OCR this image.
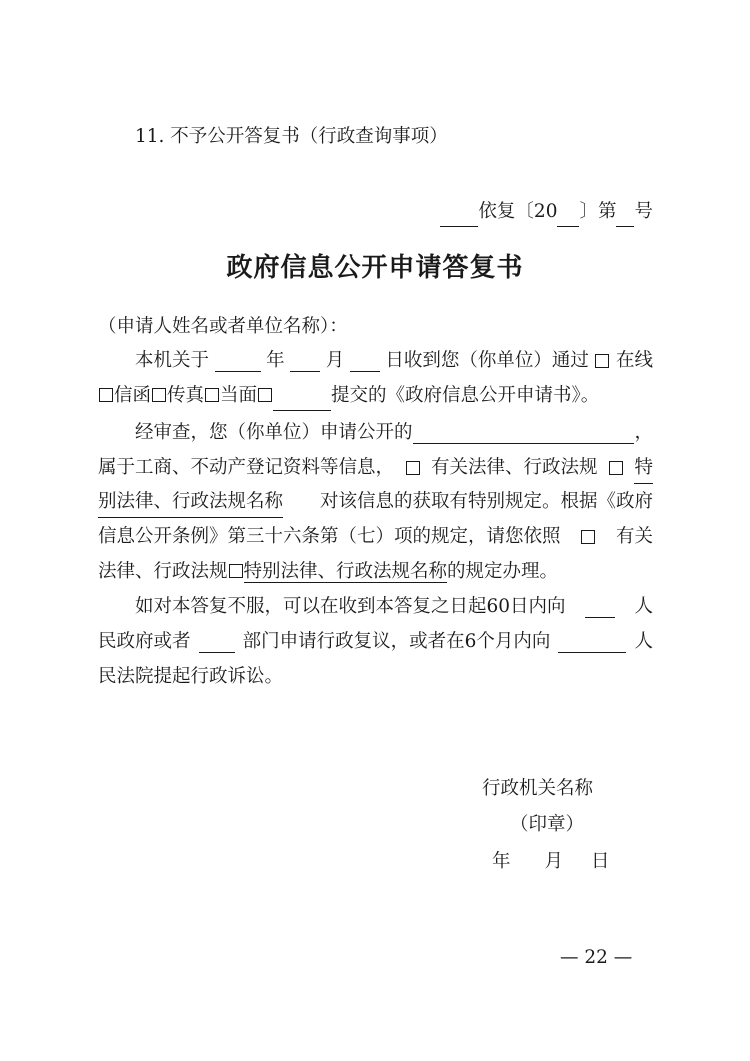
11. 不予公开答复书（行政查询事项）
依复〔20 〕第 号
政府信息公开申请答复书
（申请人姓名或者单位名称）：
本机关于	年 月 日收到您（你单位）通过 在线
信函 传真 当面	提交的《政府信息公开申请书》。
经审查，您（你单位）申请公开的	，
属于工商、不动产登记资料等信息， 有关法律、行政法规 特
别法律、行政法规名称 对该信息的获取有特别规定。根据《政府
信息公开条例》第三十六条第（七）项的规定，请您依照	有关
法律、行政法规 特别法律、行政法规名称的规定办理。
如对本答复不服，可以在收到本答复之日起60日内向	人
民政府或者	部门申请行政复议，或者在6个月内向	人
民法院提起行政诉讼。
行政机关名称
（印章）
年 月 日
— 22 —
